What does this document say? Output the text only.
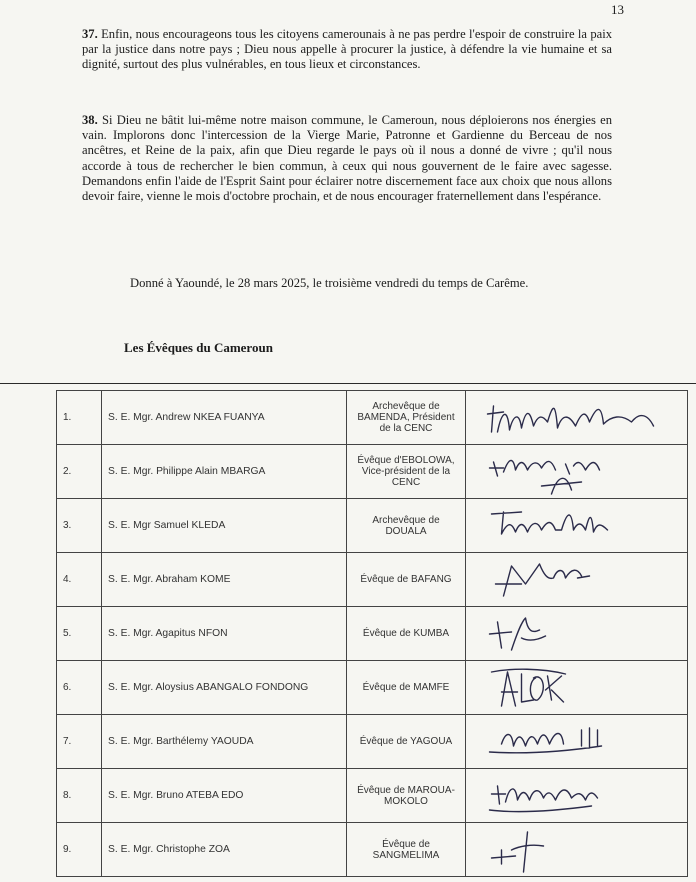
13

37. Enfin, nous encourageons tous les citoyens camerounais à ne pas perdre l'espoir de construire la paix par la justice dans notre pays ; Dieu nous appelle à procurer la justice, à défendre la vie humaine et sa dignité, surtout des plus vulnérables, en tous lieux et circonstances.

38. Si Dieu ne bâtit lui-même notre maison commune, le Cameroun, nous déploierons nos énergies en vain. Implorons donc l'intercession de la Vierge Marie, Patronne et Gardienne du Berceau de nos ancêtres, et Reine de la paix, afin que Dieu regarde le pays où il nous a donné de vivre ; qu'il nous accorde à tous de rechercher le bien commun, à ceux qui nous gouvernent de le faire avec sagesse. Demandons enfin l'aide de l'Esprit Saint pour éclairer notre discernement face aux choix que nous allons devoir faire, vienne le mois d'octobre prochain, et de nous encourager fraternellement dans l'espérance.

Donné à Yaoundé, le 28 mars 2025, le troisième vendredi du temps de Carême.

Les Évêques du Cameroun

1.	S. E. Mgr. Andrew NKEA FUANYA	Archevêque de BAMENDA, Président de la CENC	

2.	S. E. Mgr. Philippe Alain MBARGA	Évêque d'EBOLOWA, Vice-président de la CENC	

3.	S. E. Mgr Samuel KLEDA	Archevêque de DOUALA	

4.	S. E. Mgr. Abraham KOME	Évêque de BAFANG	

5.	S. E. Mgr. Agapitus NFON	Évêque de KUMBA	

6.	S. E. Mgr. Aloysius ABANGALO FONDONG	Évêque de MAMFE	

7.	S. E. Mgr. Barthélemy YAOUDA	Évêque de YAGOUA	

8.	S. E. Mgr. Bruno ATEBA EDO	Évêque de MAROUA-MOKOLO	

9.	S. E. Mgr. Christophe ZOA	Évêque de SANGMELIMA	
